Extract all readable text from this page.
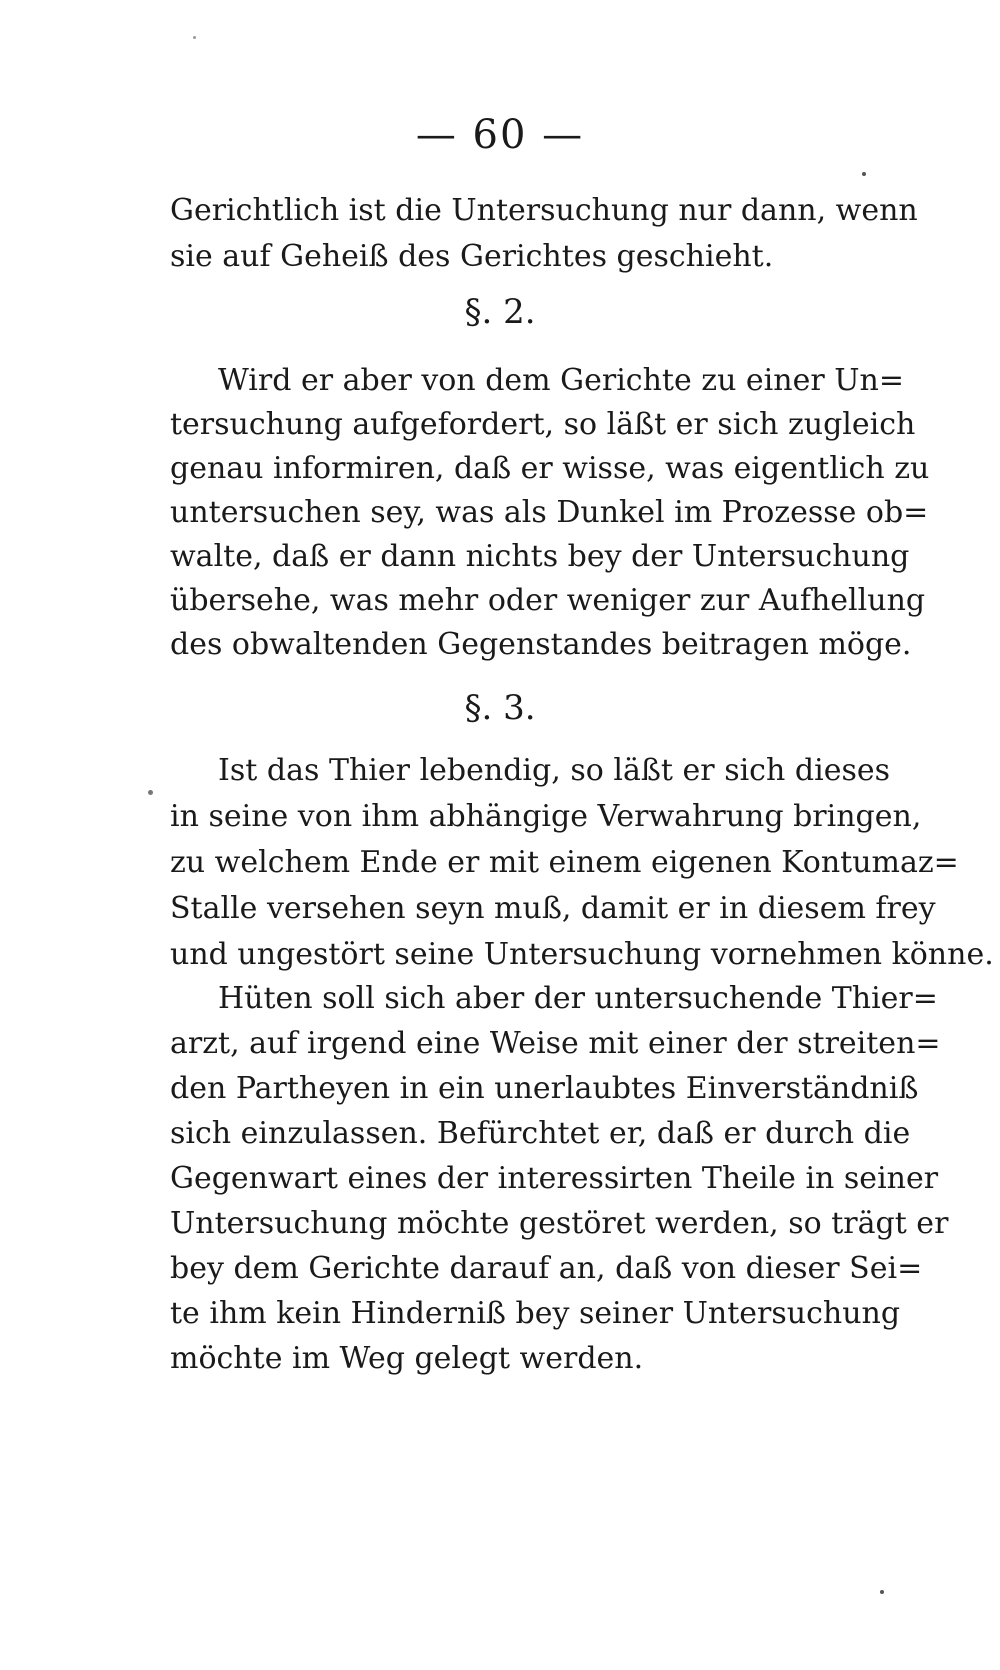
— 60 —
Gerichtlich ist die Untersuchung nur dann, wenn
sie auf Geheiß des Gerichtes geschieht.
§. 2.
Wird er aber von dem Gerichte zu einer Un=
tersuchung aufgefordert, so läßt er sich zugleich
genau informiren, daß er wisse, was eigentlich zu
untersuchen sey, was als Dunkel im Prozesse ob=
walte, daß er dann nichts bey der Untersuchung
übersehe, was mehr oder weniger zur Aufhellung
des obwaltenden Gegenstandes beitragen möge.
§. 3.
Ist das Thier lebendig, so läßt er sich dieses
in seine von ihm abhängige Verwahrung bringen,
zu welchem Ende er mit einem eigenen Kontumaz=
Stalle versehen seyn muß, damit er in diesem frey
und ungestört seine Untersuchung vornehmen könne.
Hüten soll sich aber der untersuchende Thier=
arzt, auf irgend eine Weise mit einer der streiten=
den Partheyen in ein unerlaubtes Einverständniß
sich einzulassen. Befürchtet er, daß er durch die
Gegenwart eines der interessirten Theile in seiner
Untersuchung möchte gestöret werden, so trägt er
bey dem Gerichte darauf an, daß von dieser Sei=
te ihm kein Hinderniß bey seiner Untersuchung
möchte im Weg gelegt werden.
